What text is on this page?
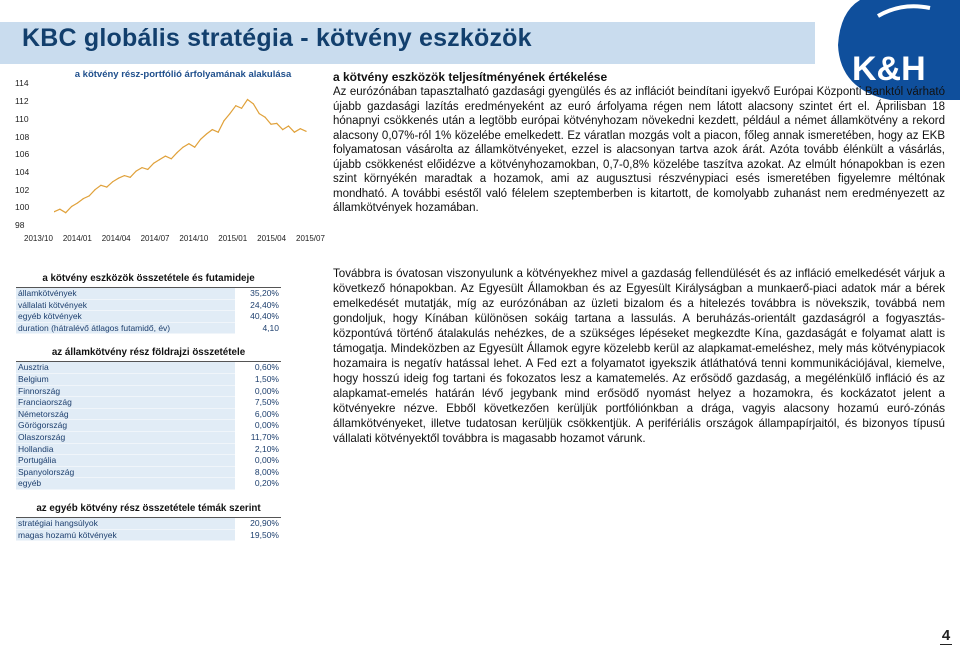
KBC globális stratégia - kötvény eszközök
K&H
a kötvény rész-portfólió árfolyamának alakulása
98
100
102
104
106
108
110
112
114
2013/10 2014/01 2014/04 2014/07 2014/10 2015/01 2015/04 2015/07
a kötvény eszközök teljesítményének értékelése
Az eurózónában tapasztalható gazdasági gyengülés és az inflációt beindítani igyekvő Európai Központi Banktól várható újabb gazdasági lazítás eredményeként az euró árfolyama régen nem látott alacsony szintet ért el. Áprilisban 18 hónapnyi csökkenés után a legtöbb európai kötvényhozam növekedni kezdett, például a német államkötvény a rekord alacsony 0,07%-ról 1% közelébe emelkedett. Ez váratlan mozgás volt a piacon, főleg annak ismeretében, hogy az EKB folyamatosan vásárolta az államkötvényeket, ezzel is alacsonyan tartva azok árát. Azóta tovább élénkült a vásárlás, újabb csökkenést előidézve a kötvényhozamokban, 0,7-0,8% közelébe taszítva azokat. Az elmúlt hónapokban is ezen szint környékén maradtak a hozamok, ami az augusztusi részvénypiaci esés ismeretében figyelemre méltónak mondható. A további eséstől való félelem szeptemberben is kitartott, de komolyabb zuhanást nem eredményezett az államkötvények hozamában.
a kötvény eszközök összetétele és futamideje
államkötvények	35,20%
vállalati kötvények	24,40%
egyéb kötvények	40,40%
duration (hátralévő átlagos futamidő, év)	4,10
az államkötvény rész földrajzi összetétele
Ausztria	0,60%
Belgium	1,50%
Finnország	0,00%
Franciaország	7,50%
Németország	6,00%
Görögország	0,00%
Olaszország	11,70%
Hollandia	2,10%
Portugália	0,00%
Spanyolország	8,00%
egyéb	0,20%
az egyéb kötvény rész összetétele témák szerint
stratégiai hangsúlyok	20,90%
magas hozamú kötvények	19,50%
Továbbra is óvatosan viszonyulunk a kötvényekhez mivel a gazdaság fellendülését és az infláció emelkedését várjuk a következő hónapokban. Az Egyesült Államokban és az Egyesült Királyságban a munkaerő-piaci adatok már a bérek emelkedését mutatják, míg az eurózónában az üzleti bizalom és a hitelezés továbbra is növekszik, továbbá nem gondoljuk, hogy Kínában különösen sokáig tartana a lassulás. A beruházás-orientált gazdaságról a fogyasztás-központúvá történő átalakulás nehézkes, de a szükséges lépéseket megkezdte Kína, gazdaságát e folyamat alatt is támogatja. Mindeközben az Egyesült Államok egyre közelebb kerül az alapkamat-emeléshez, mely más kötvénypiacok hozamaira is negatív hatással lehet. A Fed ezt a folyamatot igyekszik átláthatóvá tenni kommunikációjával, kiemelve, hogy hosszú ideig fog tartani és fokozatos lesz a kamatemelés. Az erősödő gazdaság, a megélénkülő infláció és az alapkamat-emelés határán lévő jegybank mind erősödő nyomást helyez a hozamokra, és kockázatot jelent a kötvényekre nézve. Ebből következően kerüljük portfóliónkban a drága, vagyis alacsony hozamú euró-zónás államkötvényeket, illetve tudatosan kerüljük csökkentjük. A perifériális országok állampapírjaitól, és bizonyos típusú vállalati kötvényektől továbbra is magasabb hozamot várunk.
4
